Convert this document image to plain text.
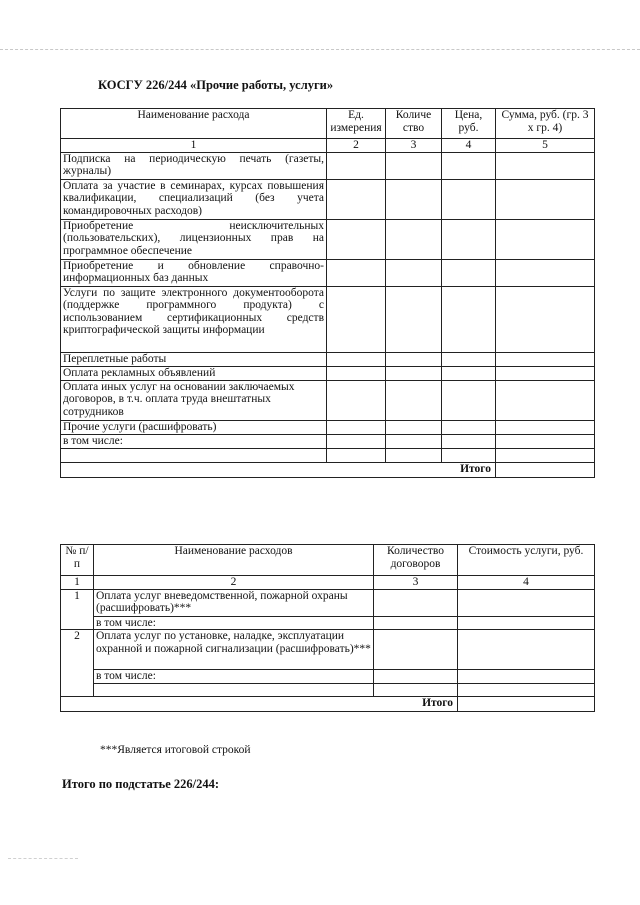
КОСГУ 226/244 «Прочие работы, услуги»
Наименование расхода	Ед. измерения	Количе ство	Цена, руб.	Сумма, руб. (гр. 3 х гр. 4)
1	2	3	4	5
Подписка на периодическую печать (газеты, журналы)				
Оплата за участие в семинарах, курсах повышения квалификации, специализаций (без учета командировочных расходов)				
Приобретение неисключительных (пользовательских), лицензионных прав на программное обеспечение				
Приобретение и обновление справочно-информационных баз данных				
Услуги по защите электронного документооборота (поддержке программного продукта) с использованием сертификационных средств криптографической защиты информации				
Переплетные работы				
Оплата рекламных объявлений				
Оплата иных услуг на основании заключаемых договоров, в т.ч. оплата труда внештатных сотрудников				
Прочие услуги (расшифровать)				
в том числе:				

Итого				
№ п/п	Наименование расходов	Количество договоров	Стоимость услуги, руб.
1	2	3	4
1	Оплата услуг вневедомственной, пожарной охраны (расшифровать)***		
	в том числе:		
2	Оплата услуг по установке, наладке, эксплуатации охранной и пожарной сигнализации (расшифровать)***		
	в том числе:		

Итого			
***Является итоговой строкой
Итого по подстатье 226/244:
